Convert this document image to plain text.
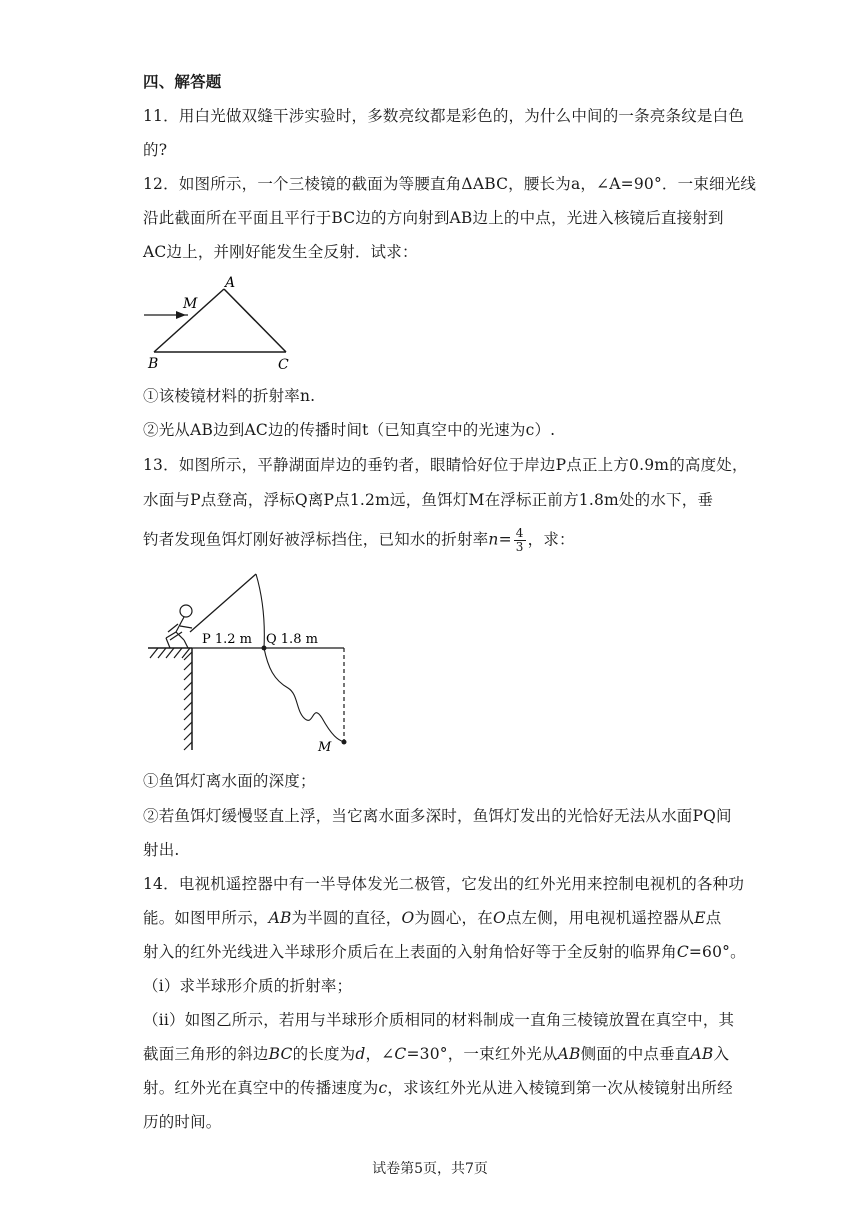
四、解答题
11．用白光做双缝干涉实验时，多数亮纹都是彩色的，为什么中间的一条亮条纹是白色
的?
12．如图所示，一个三棱镜的截面为等腰直角ΔABC，腰长为a，∠A=90°．一束细光线
沿此截面所在平面且平行于BC边的方向射到AB边上的中点，光进入核镜后直接射到
AC边上，并刚好能发生全反射．试求：
A
M
B	C
①该棱镜材料的折射率n.
②光从AB边到AC边的传播时间t（已知真空中的光速为c）.
13．如图所示，平静湖面岸边的垂钓者，眼睛恰好位于岸边P点正上方0.9m的高度处，
水面与P点登高，浮标Q离P点1.2m远，鱼饵灯M在浮标正前方1.8m处的水下，垂
钓者发现鱼饵灯刚好被浮标挡住，已知水的折射率$n= \frac{4}{3}$ ，求：
P 1.2 m Q 1.8 m
M
①鱼饵灯离水面的深度；
②若鱼饵灯缓慢竖直上浮，当它离水面多深时，鱼饵灯发出的光恰好无法从水面PQ间
射出.
14．电视机遥控器中有一半导体发光二极管，它发出的红外光用来控制电视机的各种功
能。如图甲所示，AB为半圆的直径，O为圆心，在O点左侧，用电视机遥控器从E点
射入的红外光线进入半球形介质后在上表面的入射角恰好等于全反射的临界角C=60°。
（i）求半球形介质的折射率；
（ii）如图乙所示，若用与半球形介质相同的材料制成一直角三棱镜放置在真空中，其
截面三角形的斜边BC的长度为d，∠C=30°，一束红外光从AB侧面的中点垂直AB入
射。红外光在真空中的传播速度为c，求该红外光从进入棱镜到第一次从棱镜射出所经
历的时间。
试卷第5页，共7页
